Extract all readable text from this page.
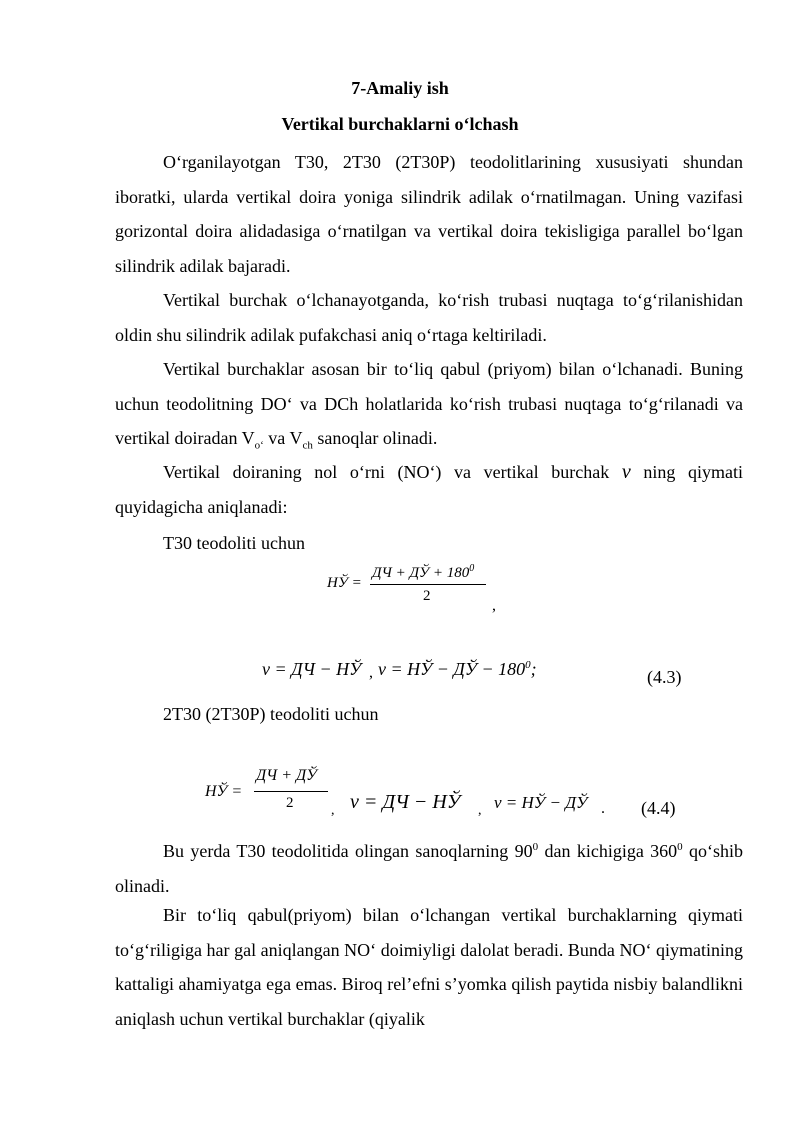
7-Amaliy ish
Vertikal burchaklarni o‘lchash

O‘rganilayotgan T30, 2T30 (2T30P) teodolitlarining xususiyati shundan iboratki, ularda vertikal doira yoniga silindrik adilak o‘rnatilmagan. Uning vazifasi gorizontal doira alidadasiga o‘rnatilgan va vertikal doira tekisligiga parallel bo‘lgan silindrik adilak bajaradi.

Vertikal burchak o‘lchanayotganda, ko‘rish trubasi nuqtaga to‘g‘rilanishidan oldin shu silindrik adilak pufakchasi aniq o‘rtaga keltiriladi.

Vertikal burchaklar asosan bir to‘liq qabul (priyom) bilan o‘lchanadi. Buning uchun teodolitning DO‘ va DCh holatlarida ko‘rish trubasi nuqtaga to‘g‘rilanadi va vertikal doiradan $V_{o‘}$ va $V_{ch}$ sanoqlar olinadi.

Vertikal doiraning nol o‘rni (NO‘) va vertikal burchak ν ning qiymati quyidagicha aniqlanadi:

T30 teodoliti uchun
НЎ =
ДЧ + ДЎ + $180^0$
2
,
ν = ДЧ − НЎ , ν = НЎ − ДЎ − $180^0$;	(4.3)
2T30 (2T30P) teodoliti uchun
НЎ =
ДЧ + ДЎ
2	, ν = ДЧ − НЎ , ν = НЎ − ДЎ . (4.4)

Bu yerda T30 teodolitida olingan sanoqlarning $90^0$ dan kichigiga $360^0$ qo‘shib olinadi.

Bir to‘liq qabul(priyom) bilan o‘lchangan vertikal burchaklarning qiymati to‘g‘riligiga har gal aniqlangan NO‘ doimiyligi dalolat beradi. Bunda NO‘ qiymatining kattaligi ahamiyatga ega emas. Biroq rel’efni s’yomka qilish paytida nisbiy balandlikni aniqlash uchun vertikal burchaklar (qiyalik
